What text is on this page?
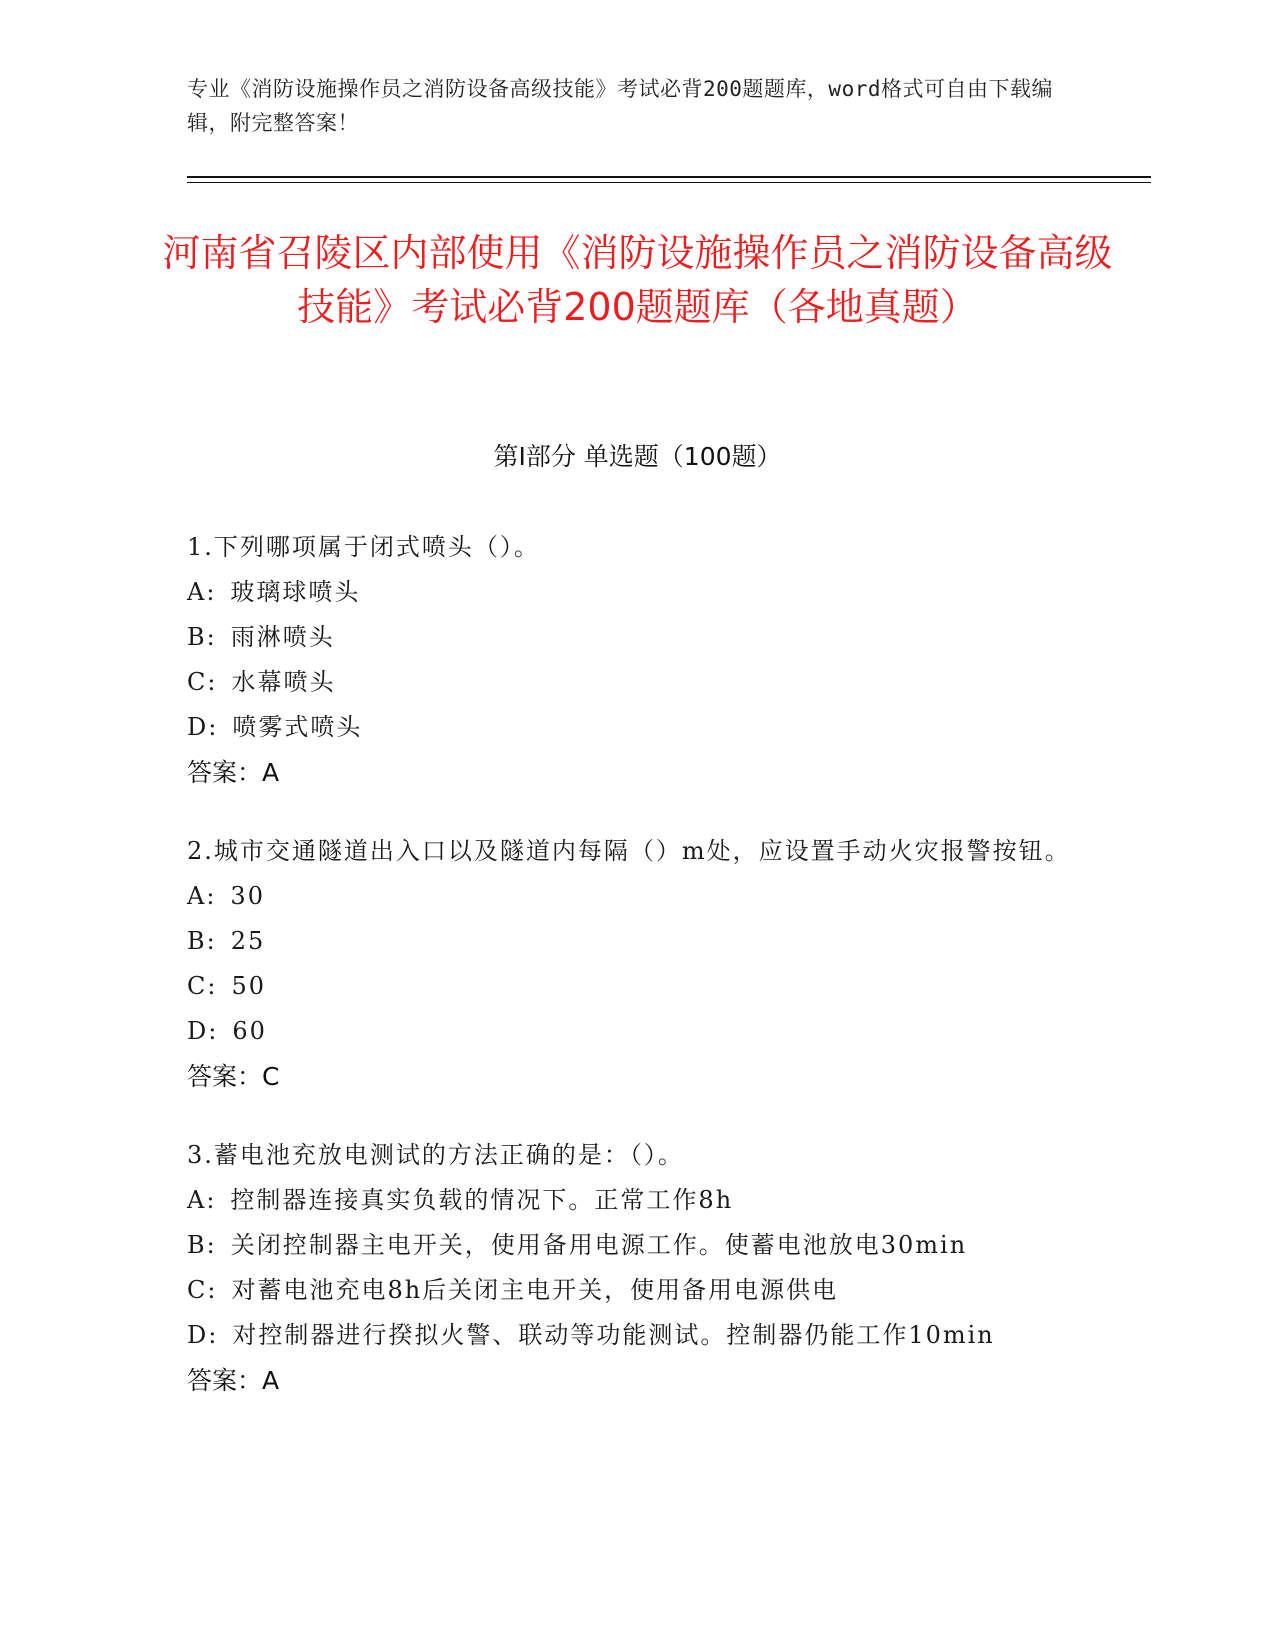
专业《消防设施操作员之消防设备高级技能》考试必背200题题库，word格式可自由下载编辑，附完整答案！
河南省召陵区内部使用《消防设施操作员之消防设备高级技能》考试必背200题题库（各地真题）
第I部分 单选题（100题）
1.下列哪项属于闭式喷头（）。
A: 玻璃球喷头
B: 雨淋喷头
C: 水幕喷头
D: 喷雾式喷头
答案：A
2.城市交通隧道出入口以及隧道内每隔（）m处，应设置手动火灾报警按钮。
A: 30
B: 25
C: 50
D: 60
答案：C
3.蓄电池充放电测试的方法正确的是：（）。
A: 控制器连接真实负载的情况下。正常工作8h
B: 关闭控制器主电开关，使用备用电源工作。使蓄电池放电30min
C: 对蓄电池充电8h后关闭主电开关，使用备用电源供电
D: 对控制器进行揆拟火警、联动等功能测试。控制器仍能工作10min
答案：A
